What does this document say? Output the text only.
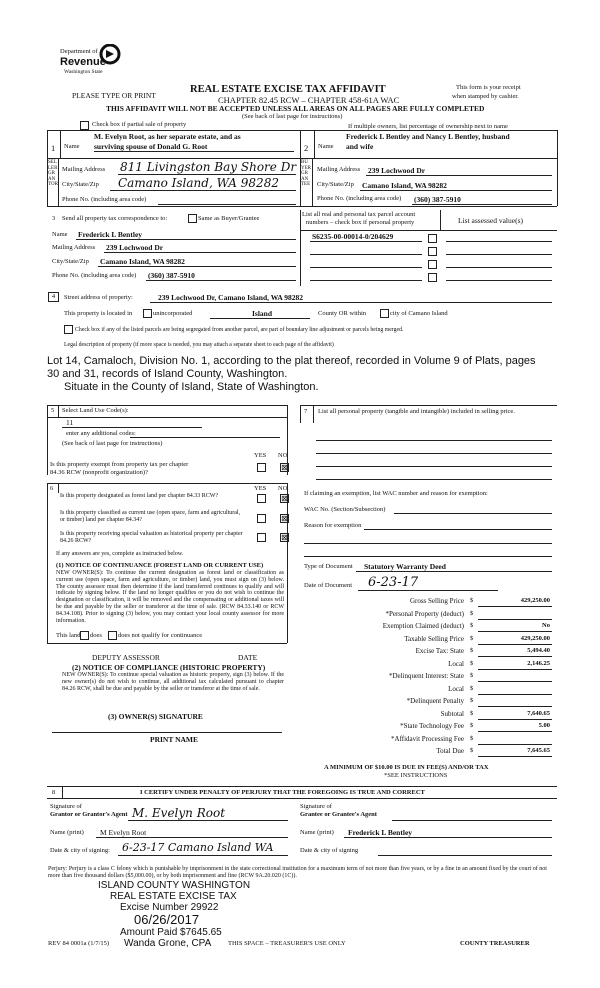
Department of
Revenue
Washington State
REAL ESTATE EXCISE TAX AFFIDAVIT
CHAPTER 82.45 RCW – CHAPTER 458-61A WAC
PLEASE TYPE OR PRINT
This form is your receipt
when stamped by cashier.
THIS AFFIDAVIT WILL NOT BE ACCEPTED UNLESS ALL AREAS ON ALL PAGES ARE FULLY COMPLETED
(See back of last page for instructions)
Check box if partial sale of property	If multiple owners, list percentage of ownership next to name
1 Name
M. Evelyn Root, as her separate estate, and as
surviving spouse of Donald G. Root
SELLER GRANTOR
Mailing Address 811 Livingston Bay Shore Dr
City/State/Zip Camano Island, WA 98282
Phone No. (including area code)
2 Name
Frederick L Bentley and Nancy L Bentley, husband
and wife
BUYER GRANTEE
Mailing Address 239 Lochwood Dr
City/State/Zip Camano Island, WA 98282
Phone No. (including area code) (360) 387-5910
3 Send all property tax correspondence to:	Same as Buyer/Grantee
List all real and personal tax parcel account
numbers – check box if personal property	List assessed value(s)
Name Frederick L Bentley
Mailing Address 239 Lochwood Dr
City/State/Zip Camano Island, WA 98282
Phone No. (including area code) (360) 387-5910
S6235-00-00014-0/204629
4	Street address of property:	239 Lochwood Dr, Camano Island, WA 98282
This property is located in	unincorporated	Island	County OR within	city of Camano Island
Check box if any of the listed parcels are being segregated from another parcel, are part of boundary line adjustment or parcels being merged.
Legal description of property (if more space is needed, you may attach a separate sheet to each page of the affidavit)
Lot 14, Camaloch, Division No. 1, according to the plat thereof, recorded in Volume 9 of Plats, pages
30 and 31, records of Island County, Washington.
Situate in the County of Island, State of Washington.
5 Select Land Use Code(s):
11
enter any additional codes:
(See back of last page for instructions)
YES NO
Is this property exempt from property tax per chapter
84.36 RCW (nonprofit organization)?
⊠
6	YES NO
Is this property designated as forest land per chapter 84.33 RCW?	⊠
Is this property classified as current use (open space, farm and agricultural, or timber) land per chapter 84.34?	⊠
Is this property receiving special valuation as historical property per chapter 84.26 RCW?	⊠
If any answers are yes, complete as instructed below.
(1) NOTICE OF CONTINUANCE (FOREST LAND OR CURRENT USE)
NEW OWNER(S): To continue the current designation as forest land or classification as current use (open space, farm and agriculture, or timber) land, you must sign on (3) below. The county assessor must then determine if the land transferred continues to qualify and will indicate by signing below. If the land no longer qualifies or you do not wish to continue the designation or classification, it will be removed and the compensating or additional taxes will be due and payable by the seller or transferor at the time of sale. (RCW 84.33.140 or RCW 84.34.108). Prior to signing (3) below, you may contact your local county assessor for more information.
This land does does not qualify for continuance
DEPUTY ASSESSOR	DATE
(2) NOTICE OF COMPLIANCE (HISTORIC PROPERTY)
NEW OWNER(S): To continue special valuation as historic property, sign (3) below. If the new owner(s) do not wish to continue, all additional tax calculated pursuant to chapter 84.26 RCW, shall be due and payable by the seller or transferor at the time of sale.
(3) OWNER(S) SIGNATURE
PRINT NAME
7 List all personal property (tangible and intangible) included in selling price.
If claiming an exemption, list WAC number and reason for exemption:
WAC No. (Section/Subsection)
Reason for exemption
Type of Document Statutory Warranty Deed
Date of Document 6-23-17
Gross Selling Price $	429,250.00
*Personal Property (deduct) $
Exemption Claimed (deduct) $	No
Taxable Selling Price $	429,250.00
Excise Tax: State $	5,494.40
Local $	2,146.25
*Delinquent Interest: State $
Local $
*Delinquent Penalty $
Subtotal $	7,640.65
*State Technology Fee $	5.00
*Affidavit Processing Fee $
Total Due $	7,645.65
A MINIMUM OF $10.00 IS DUE IN FEE(S) AND/OR TAX
*SEE INSTRUCTIONS
8	I CERTIFY UNDER PENALTY OF PERJURY THAT THE FOREGOING IS TRUE AND CORRECT
Signature of
Grantor or Grantor's Agent M. Evelyn Root
Name (print) M Evelyn Root
Date & city of signing: 6-23-17 Camano Island WA
Signature of
Grantee or Grantee's Agent
Name (print) Frederick L Bentley
Date & city of signing
Perjury: Perjury is a class C felony which is punishable by imprisonment in the state correctional institution for a maximum term of not more than five years, or by a fine in an amount fixed by the court of not more than five thousand dollars ($5,000.00), or by both imprisonment and fine (RCW 9A.20.020 (1C)).
ISLAND COUNTY WASHINGTON
REAL ESTATE EXCISE TAX
Excise Number 29922
06/26/2017
Amount Paid $7645.65
Wanda Grone, CPA
REV 84 0001a (1/7/15)	THIS SPACE – TREASURER'S USE ONLY	COUNTY TREASURER
